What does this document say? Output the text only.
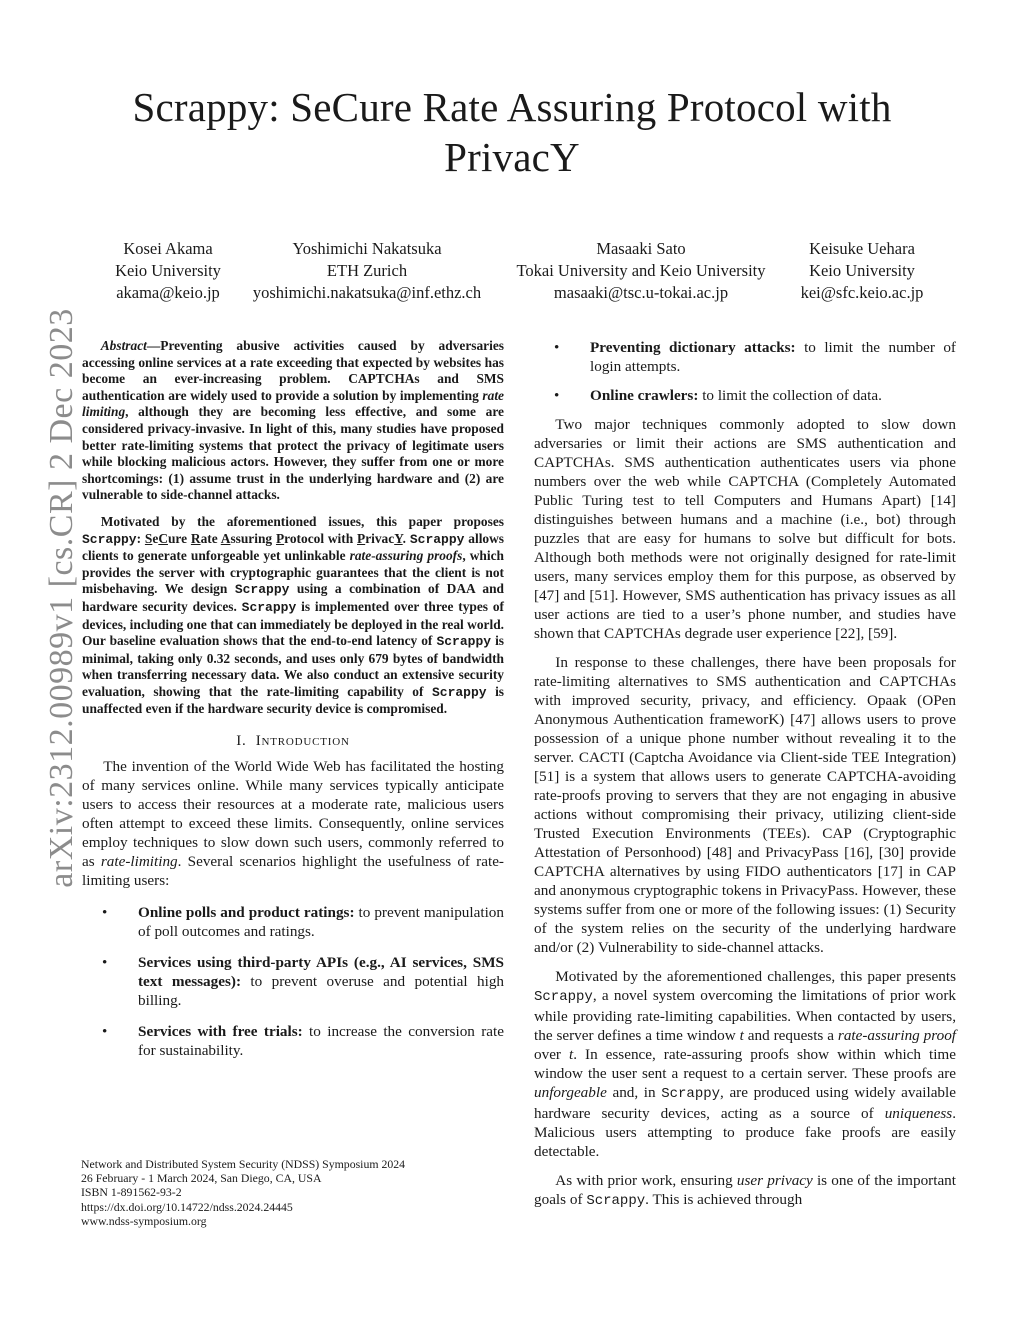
Scrappy: SeCure Rate Assuring Protocol with
PrivacY
Kosei Akama
Keio University
akama@keio.jp
Yoshimichi Nakatsuka
ETH Zurich
yoshimichi.nakatsuka@inf.ethz.ch
Masaaki Sato
Tokai University and Keio University
masaaki@tsc.u-tokai.ac.jp
Keisuke Uehara
Keio University
kei@sfc.keio.ac.jp
arXiv:2312.00989v1 [cs.CR] 2 Dec 2023	Abstract—Preventing abusive activities caused by adversaries accessing online services at a rate exceeding that expected by websites has become an ever-increasing problem. CAPTCHAs and SMS authentication are widely used to provide a solution by implementing rate limiting, although they are becoming less effective, and some are considered privacy-invasive. In light of this, many studies have proposed better rate-limiting systems that protect the privacy of legitimate users while blocking malicious actors. However, they suffer from one or more shortcomings: (1) assume trust in the underlying hardware and (2) are vulnerable to side-channel attacks.

Motivated by the aforementioned issues, this paper proposes Scrappy: SeCure Rate Assuring Protocol with PrivacY. Scrappy allows clients to generate unforgeable yet unlinkable rate-assuring proofs, which provides the server with cryptographic guarantees that the client is not misbehaving. We design Scrappy using a combination of DAA and hardware security devices. Scrappy is implemented over three types of devices, including one that can immediately be deployed in the real world. Our baseline evaluation shows that the end-to-end latency of Scrappy is minimal, taking only 0.32 seconds, and uses only 679 bytes of bandwidth when transferring necessary data. We also conduct an extensive security evaluation, showing that the rate-limiting capability of Scrappy is unaffected even if the hardware security device is compromised.

I. Introduction

The invention of the World Wide Web has facilitated the hosting of many services online. While many services typically anticipate users to access their resources at a moderate rate, malicious users often attempt to exceed these limits. Consequently, online services employ techniques to slow down such users, commonly referred to as rate-limiting. Several scenarios highlight the usefulness of rate-limiting users:

• Online polls and product ratings: to prevent manipulation of poll outcomes and ratings.
• Services using third-party APIs (e.g., AI services, SMS text messages): to prevent overuse and potential high billing.
• Services with free trials: to increase the conversion rate for sustainability.
• Preventing dictionary attacks: to limit the number of login attempts.
• Online crawlers: to limit the collection of data.

Two major techniques commonly adopted to slow down adversaries or limit their actions are SMS authentication and CAPTCHAs. SMS authentication authenticates users via phone numbers over the web while CAPTCHA (Completely Automated Public Turing test to tell Computers and Humans Apart) [14] distinguishes between humans and a machine (i.e., bot) through puzzles that are easy for humans to solve but difficult for bots. Although both methods were not originally designed for rate-limit users, many services employ them for this purpose, as observed by [47] and [51]. However, SMS authentication has privacy issues as all user actions are tied to a user’s phone number, and studies have shown that CAPTCHAs degrade user experience [22], [59].

In response to these challenges, there have been proposals for rate-limiting alternatives to SMS authentication and CAPTCHAs with improved security, privacy, and efficiency. Opaak (OPen Anonymous Authentication frameworK) [47] allows users to prove possession of a unique phone number without revealing it to the server. CACTI (Captcha Avoidance via Client-side TEE Integration) [51] is a system that allows users to generate CAPTCHA-avoiding rate-proofs proving to servers that they are not engaging in abusive actions without compromising their privacy, utilizing client-side Trusted Execution Environments (TEEs). CAP (Cryptographic Attestation of Personhood) [48] and PrivacyPass [16], [30] provide CAPTCHA alternatives by using FIDO authenticators [17] in CAP and anonymous cryptographic tokens in PrivacyPass. However, these systems suffer from one or more of the following issues: (1) Security of the system relies on the security of the underlying hardware and/or (2) Vulnerability to side-channel attacks.

Motivated by the aforementioned challenges, this paper presents Scrappy, a novel system overcoming the limitations of prior work while providing rate-limiting capabilities. When contacted by users, the server defines a time window t and requests a rate-assuring proof over t. In essence, rate-assuring proofs show within which time window the user sent a request to a certain server. These proofs are unforgeable and, in Scrappy, are produced using widely available hardware security devices, acting as a source of uniqueness. Malicious users attempting to produce fake proofs are easily detectable.

As with prior work, ensuring user privacy is one of the important goals of Scrappy. This is achieved through

Network and Distributed System Security (NDSS) Symposium 2024
26 February - 1 March 2024, San Diego, CA, USA
ISBN 1-891562-93-2
https://dx.doi.org/10.14722/ndss.2024.24445
www.ndss-symposium.org
